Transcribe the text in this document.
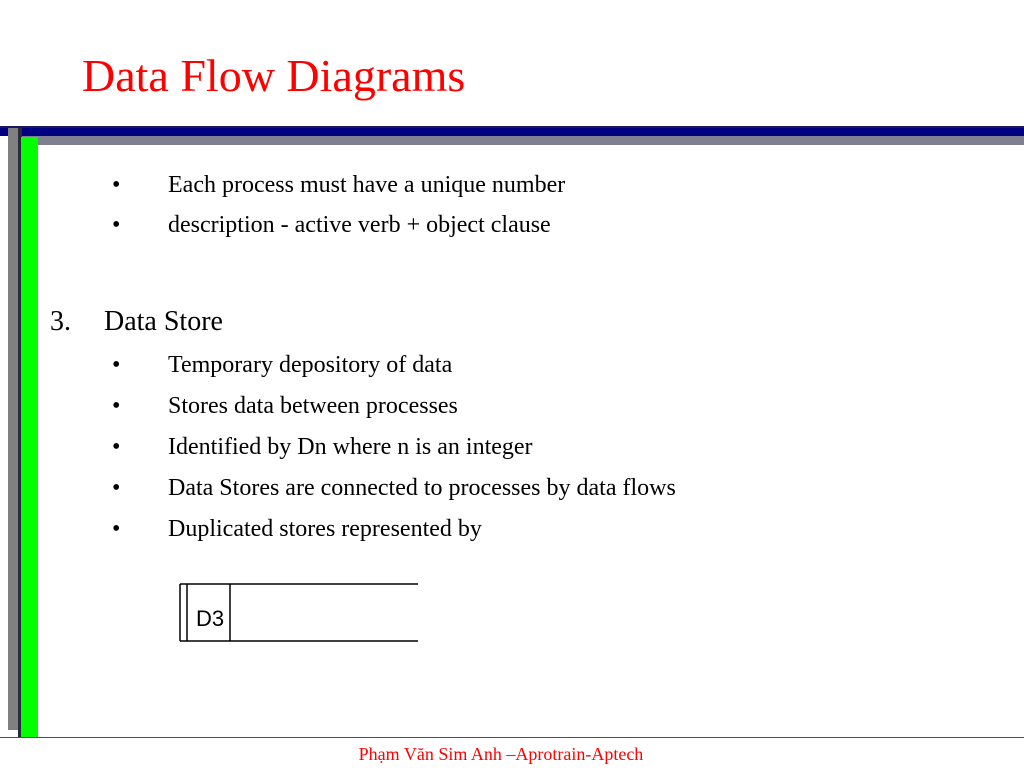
Data Flow Diagrams
• Each process must have a unique number
• description - active verb + object clause
3. Data Store
• Temporary depository of data
• Stores data between processes
• Identified by Dn where n is an integer
• Data Stores are connected to processes by data flows
• Duplicated stores represented by
D3
Phạm Văn Sim Anh –Aprotrain-Aptech
